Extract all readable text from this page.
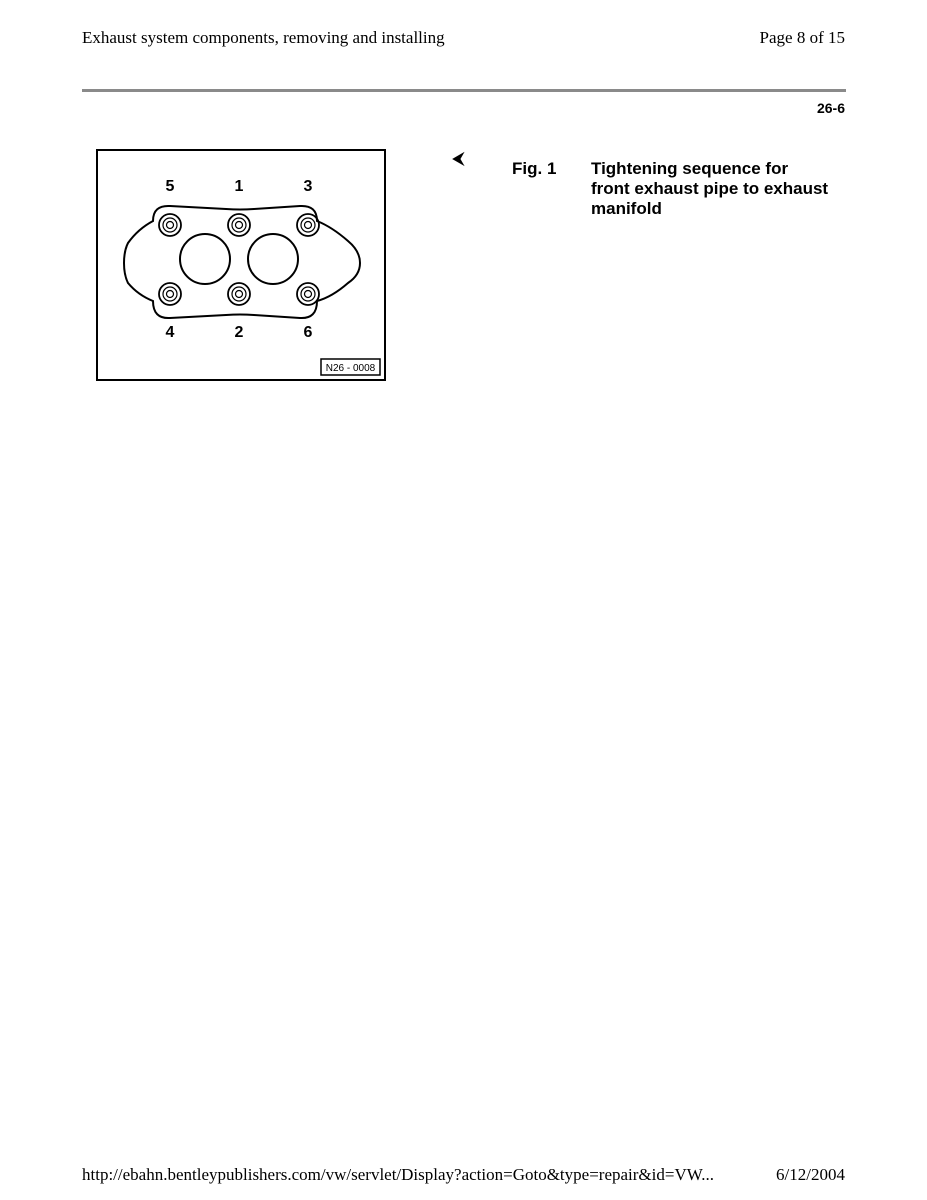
Exhaust system components, removing and installing	Page 8 of 15
26-6
5	1	3
4	2	6
N26 - 0008
⮜	Fig. 1 Tightening sequence for front exhaust pipe to exhaust manifold
http://ebahn.bentleypublishers.com/vw/servlet/Display?action=Goto&type=repair&id=VW...	6/12/2004
